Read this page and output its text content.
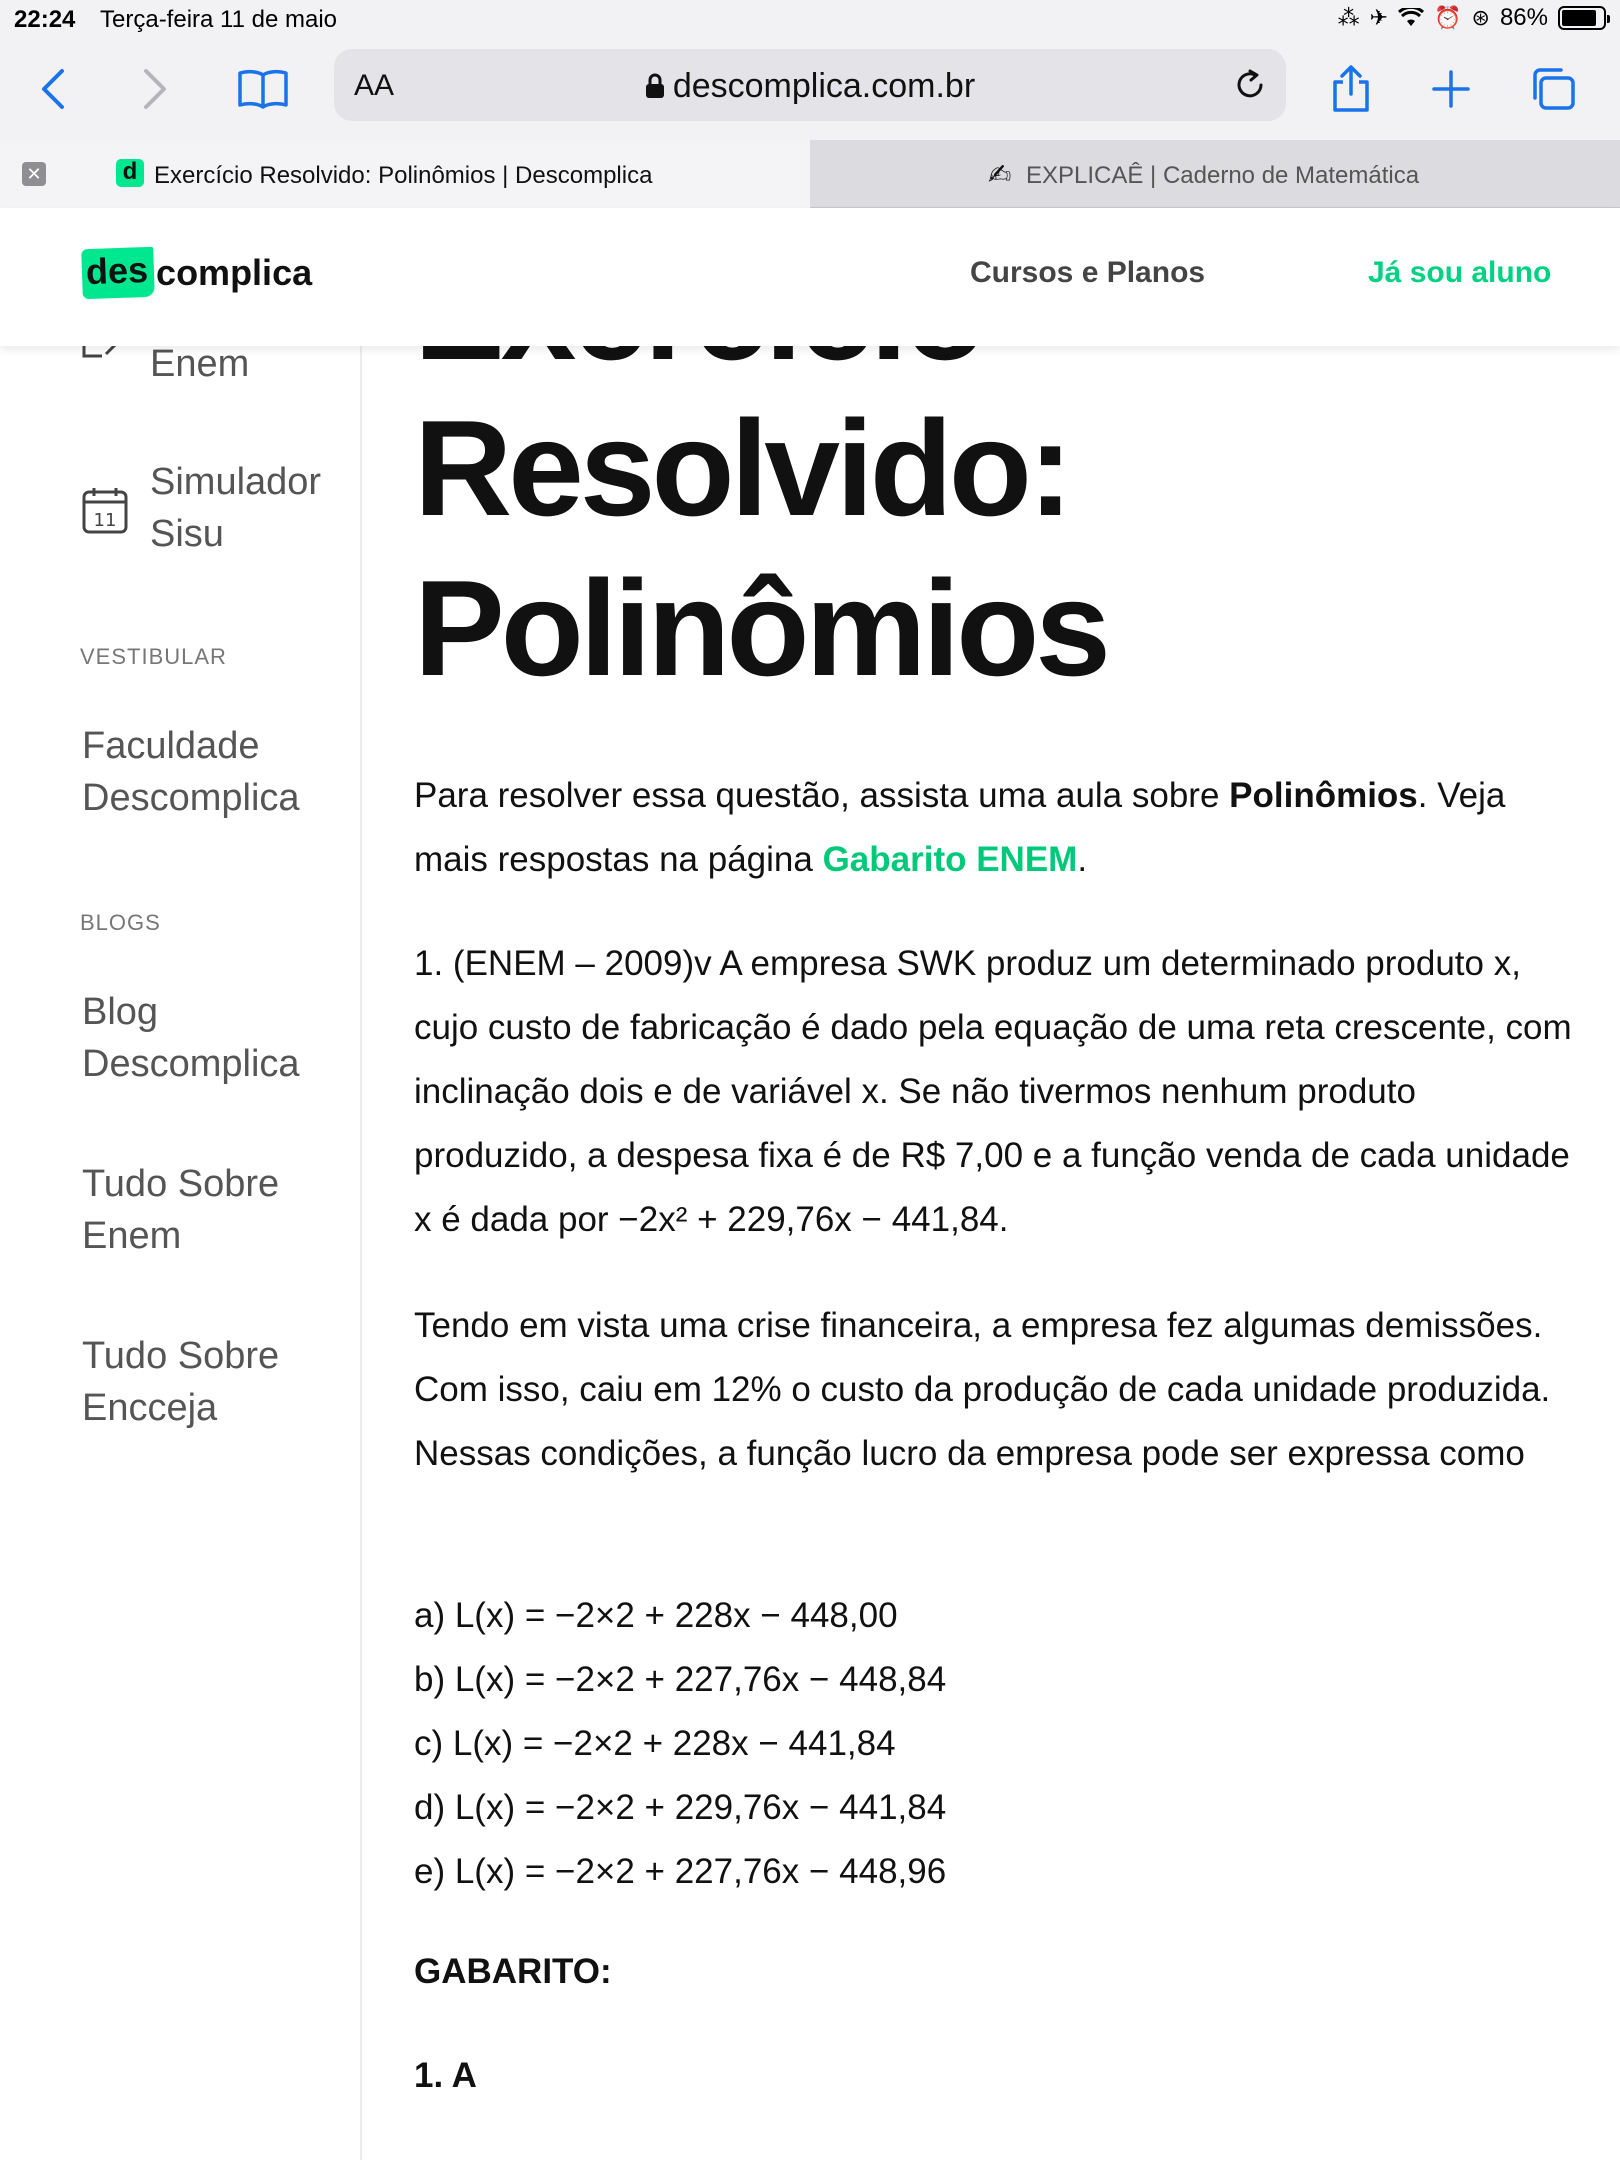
22:24 Terça-feira 11 de maio	⁂ ✈ ⏰ ⊛ 86%
AA	descomplica.com.br
✕	d Exercício Resolvido: Polinômios | Descomplica	✍ EXPLICAÊ | Caderno de Matemática
des complica	Cursos e Planos	Já sou aluno
Enem
11
Simulador
Sisu
VESTIBULAR
Faculdade
Descomplica
BLOGS
Blog
Descomplica
Tudo Sobre
Enem
Tudo Sobre
Encceja
Resolvido:
Polinômios

Para resolver essa questão, assista uma aula sobre Polinômios. Veja mais respostas na página Gabarito ENEM.

1. (ENEM – 2009)v A empresa SWK produz um determinado produto x, cujo custo de fabricação é dado pela equação de uma reta crescente, com inclinação dois e de variável x. Se não tivermos nenhum produto produzido, a despesa fixa é de R$ 7,00 e a função venda de cada unidade x é dada por −2x² + 229,76x − 441,84.

Tendo em vista uma crise financeira, a empresa fez algumas demissões. Com isso, caiu em 12% o custo da produção de cada unidade produzida. Nessas condições, a função lucro da empresa pode ser expressa como

a) L(x) = −2×2 + 228x − 448,00
b) L(x) = −2×2 + 227,76x − 448,84
c) L(x) = −2×2 + 228x − 441,84
d) L(x) = −2×2 + 229,76x − 441,84
e) L(x) = −2×2 + 227,76x − 448,96
GABARITO:
1. A
